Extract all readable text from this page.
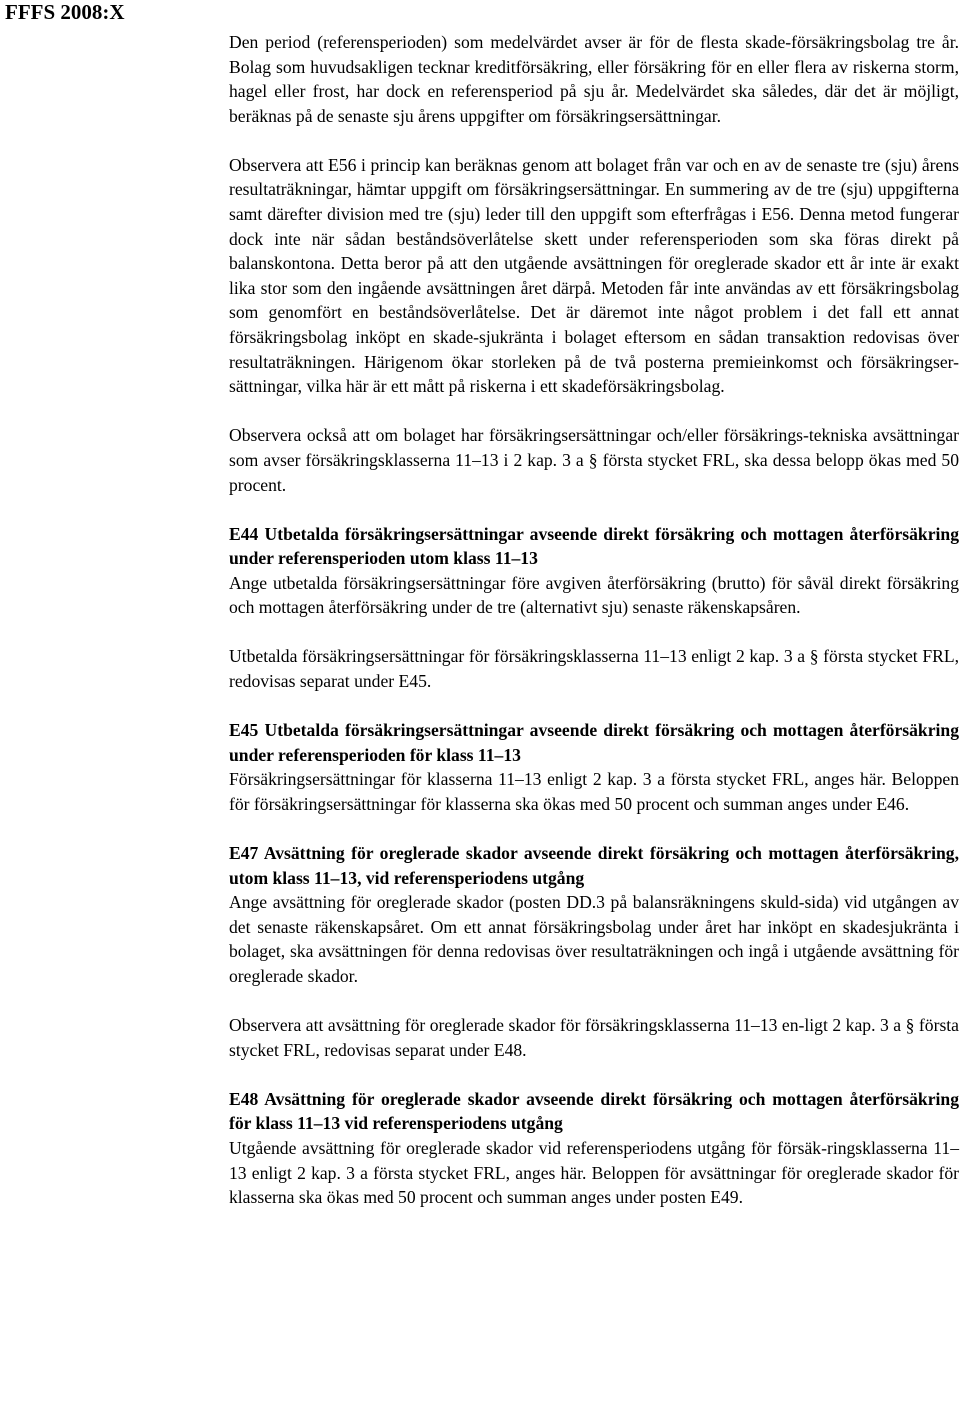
FFFS 2008:X

Den period (referensperioden) som medelvärdet avser är för de flesta skade-försäkringsbolag tre år. Bolag som huvudsakligen tecknar kreditförsäkring, eller försäkring för en eller flera av riskerna storm, hagel eller frost, har dock en referensperiod på sju år. Medelvärdet ska således, där det är möjligt, beräknas på de senaste sju årens uppgifter om försäkringsersättningar.

Observera att E56 i princip kan beräknas genom att bolaget från var och en av de senaste tre (sju) årens resultaträkningar, hämtar uppgift om försäkringsersättningar. En summering av de tre (sju) uppgifterna samt därefter division med tre (sju) leder till den uppgift som efterfrågas i E56. Denna metod fungerar dock inte när sådan beståndsöverlåtelse skett under referensperioden som ska föras direkt på balanskontona. Detta beror på att den utgående avsättningen för oreglerade skador ett år inte är exakt lika stor som den ingående avsättningen året därpå. Metoden får inte användas av ett försäkringsbolag som genomfört en beståndsöverlåtelse. Det är däremot inte något problem i det fall ett annat försäkringsbolag inköpt en skade-sjukränta i bolaget eftersom en sådan transaktion redovisas över resultaträkningen. Härigenom ökar storleken på de två posterna premieinkomst och försäkringser-sättningar, vilka här är ett mått på riskerna i ett skadeförsäkringsbolag.

Observera också att om bolaget har försäkringsersättningar och/eller försäkrings-tekniska avsättningar som avser försäkringsklasserna 11–13 i 2 kap. 3 a § första stycket FRL, ska dessa belopp ökas med 50 procent.

E44 Utbetalda försäkringsersättningar avseende direkt försäkring och mottagen återförsäkring under referensperioden utom klass 11–13

Ange utbetalda försäkringsersättningar före avgiven återförsäkring (brutto) för såväl direkt försäkring och mottagen återförsäkring under de tre (alternativt sju) senaste räkenskapsåren.

Utbetalda försäkringsersättningar för försäkringsklasserna 11–13 enligt 2 kap. 3 a § första stycket FRL, redovisas separat under E45.

E45 Utbetalda försäkringsersättningar avseende direkt försäkring och mottagen återförsäkring under referensperioden för klass 11–13

Försäkringsersättningar för klasserna 11–13 enligt 2 kap. 3 a första stycket FRL, anges här. Beloppen för försäkringsersättningar för klasserna ska ökas med 50 procent och summan anges under E46.

E47 Avsättning för oreglerade skador avseende direkt försäkring och mottagen återförsäkring, utom klass 11–13, vid referensperiodens utgång

Ange avsättning för oreglerade skador (posten DD.3 på balansräkningens skuld-sida) vid utgången av det senaste räkenskapsåret. Om ett annat försäkringsbolag under året har inköpt en skadesjukränta i bolaget, ska avsättningen för denna redovisas över resultaträkningen och ingå i utgående avsättning för oreglerade skador.

Observera att avsättning för oreglerade skador för försäkringsklasserna 11–13 en-ligt 2 kap. 3 a § första stycket FRL, redovisas separat under E48.

E48 Avsättning för oreglerade skador avseende direkt försäkring och mottagen återförsäkring för klass 11–13 vid referensperiodens utgång

Utgående avsättning för oreglerade skador vid referensperiodens utgång för försäk-ringsklasserna 11–13 enligt 2 kap. 3 a första stycket FRL, anges här. Beloppen för avsättningar för oreglerade skador för klasserna ska ökas med 50 procent och summan anges under posten E49.
